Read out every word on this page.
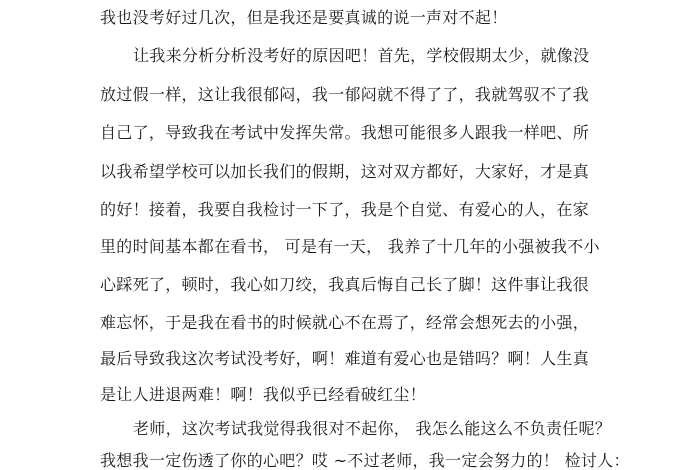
我也没考好过几次，但是我还是要真诚的说一声对不起！
让我来分析分析没考好的原因吧！首先，学校假期太少，就像没
放过假一样，这让我很郁闷，我一郁闷就不得了了，我就驾驭不了我
自己了，导致我在考试中发挥失常。我想可能很多人跟我一样吧、所
以我希望学校可以加长我们的假期，这对双方都好，大家好，才是真
的好！接着，我要自我检讨一下了，我是个自觉、有爱心的人，在家
里的时间基本都在看书， 可是有一天， 我养了十几年的小强被我不小
心踩死了，顿时，我心如刀绞，我真后悔自己长了脚！这件事让我很
难忘怀，于是我在看书的时候就心不在焉了，经常会想死去的小强，
最后导致我这次考试没考好，啊！难道有爱心也是错吗？啊！人生真
是让人进退两难！啊！我似乎已经看破红尘！
老师，这次考试我觉得我很对不起你， 我怎么能这么不负责任呢？
我想我一定伤透了你的心吧？哎 ~不过老师，我一定会努力的！ 检讨人：
